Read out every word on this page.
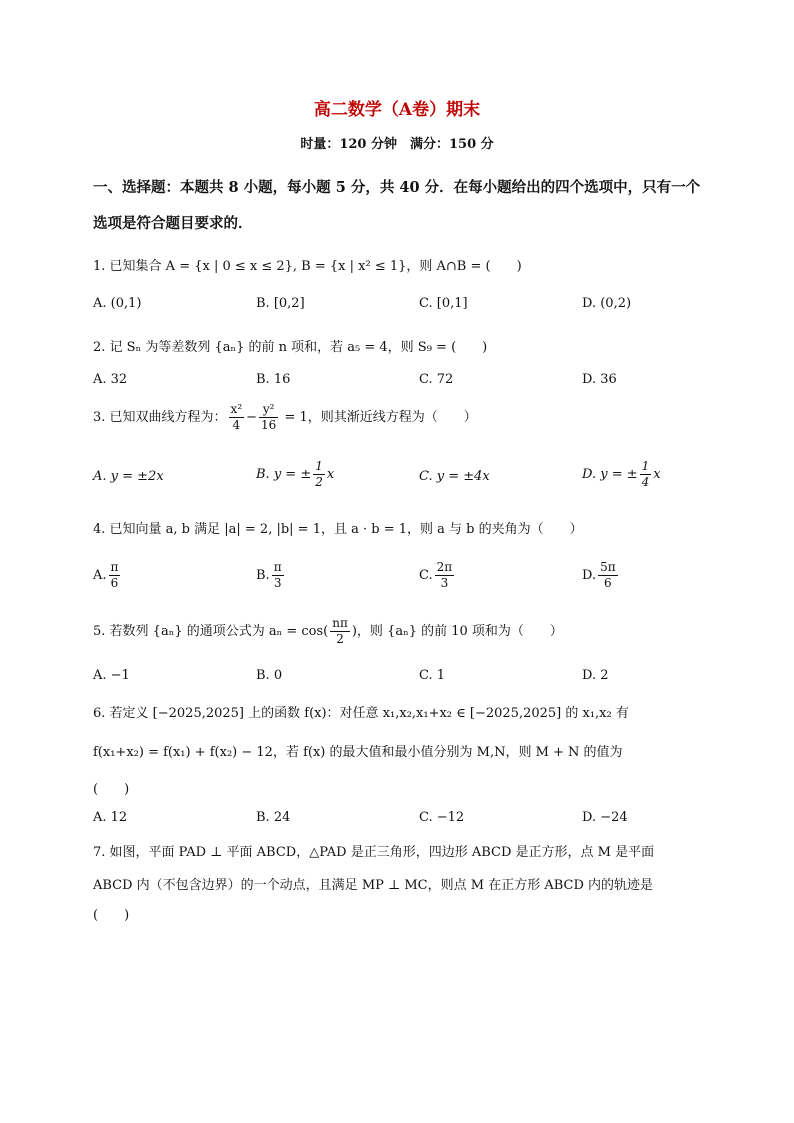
高二数学（A卷）期末
时量：120 分钟　满分：150 分
一、选择题：本题共 8 小题，每小题 5 分，共 40 分．在每小题给出的四个选项中，只有一个选项是符合题目要求的．
1. 已知集合 A = {x | 0 ≤ x ≤ 2}, B = {x | x² ≤ 1}，则 A∩B = (　　)
A. (0,1)	B. [0,2]	C. [0,1]	D. (0,2)
2. 记 Sₙ 为等差数列 {aₙ} 的前 n 项和，若 a₅ = 4，则 S₉ = (　　)
A. 32	B. 16	C. 72	D. 36
3. 已知双曲线方程为： $\frac{\text{x²}}{4} - \frac{\text{y²}}{16} = 1$，则其渐近线方程为（　　）
A. y = ±2x	B. y = ± $\frac{1}{2}$ x	C. y = ±4x	D. y = ± $\frac{1}{4}$ x
4. 已知向量 a, b 满足 |a| = 2, |b| = 1，且 a · b = 1，则 a 与 b 的夹角为（　　）
A. $\frac{\pi}{6}$	B. $\frac{\pi}{3}$	C. $\frac{2\pi}{3}$	D. $\frac{5\pi}{6}$
5. 若数列 {aₙ} 的通项公式为 $a_n = \cos( \frac{n\pi}{2}$ )，则 {aₙ} 的前 10 项和为（　　）
A. −1	B. 0	C. 1	D. 2
6. 若定义 [−2025,2025] 上的函数 f(x)：对任意 x₁,x₂,x₁+x₂ ∈ [−2025,2025] 的 x₁,x₂ 有
f(x₁+x₂) = f(x₁) + f(x₂) − 12，若 f(x) 的最大值和最小值分别为 M,N，则 M + N 的值为
(　　)
A. 12	B. 24	C. −12	D. −24
7. 如图，平面 PAD ⊥ 平面 ABCD，△PAD 是正三角形，四边形 ABCD 是正方形，点 M 是平面
ABCD 内（不包含边界）的一个动点，且满足 MP ⊥ MC，则点 M 在正方形 ABCD 内的轨迹是
(　　)
